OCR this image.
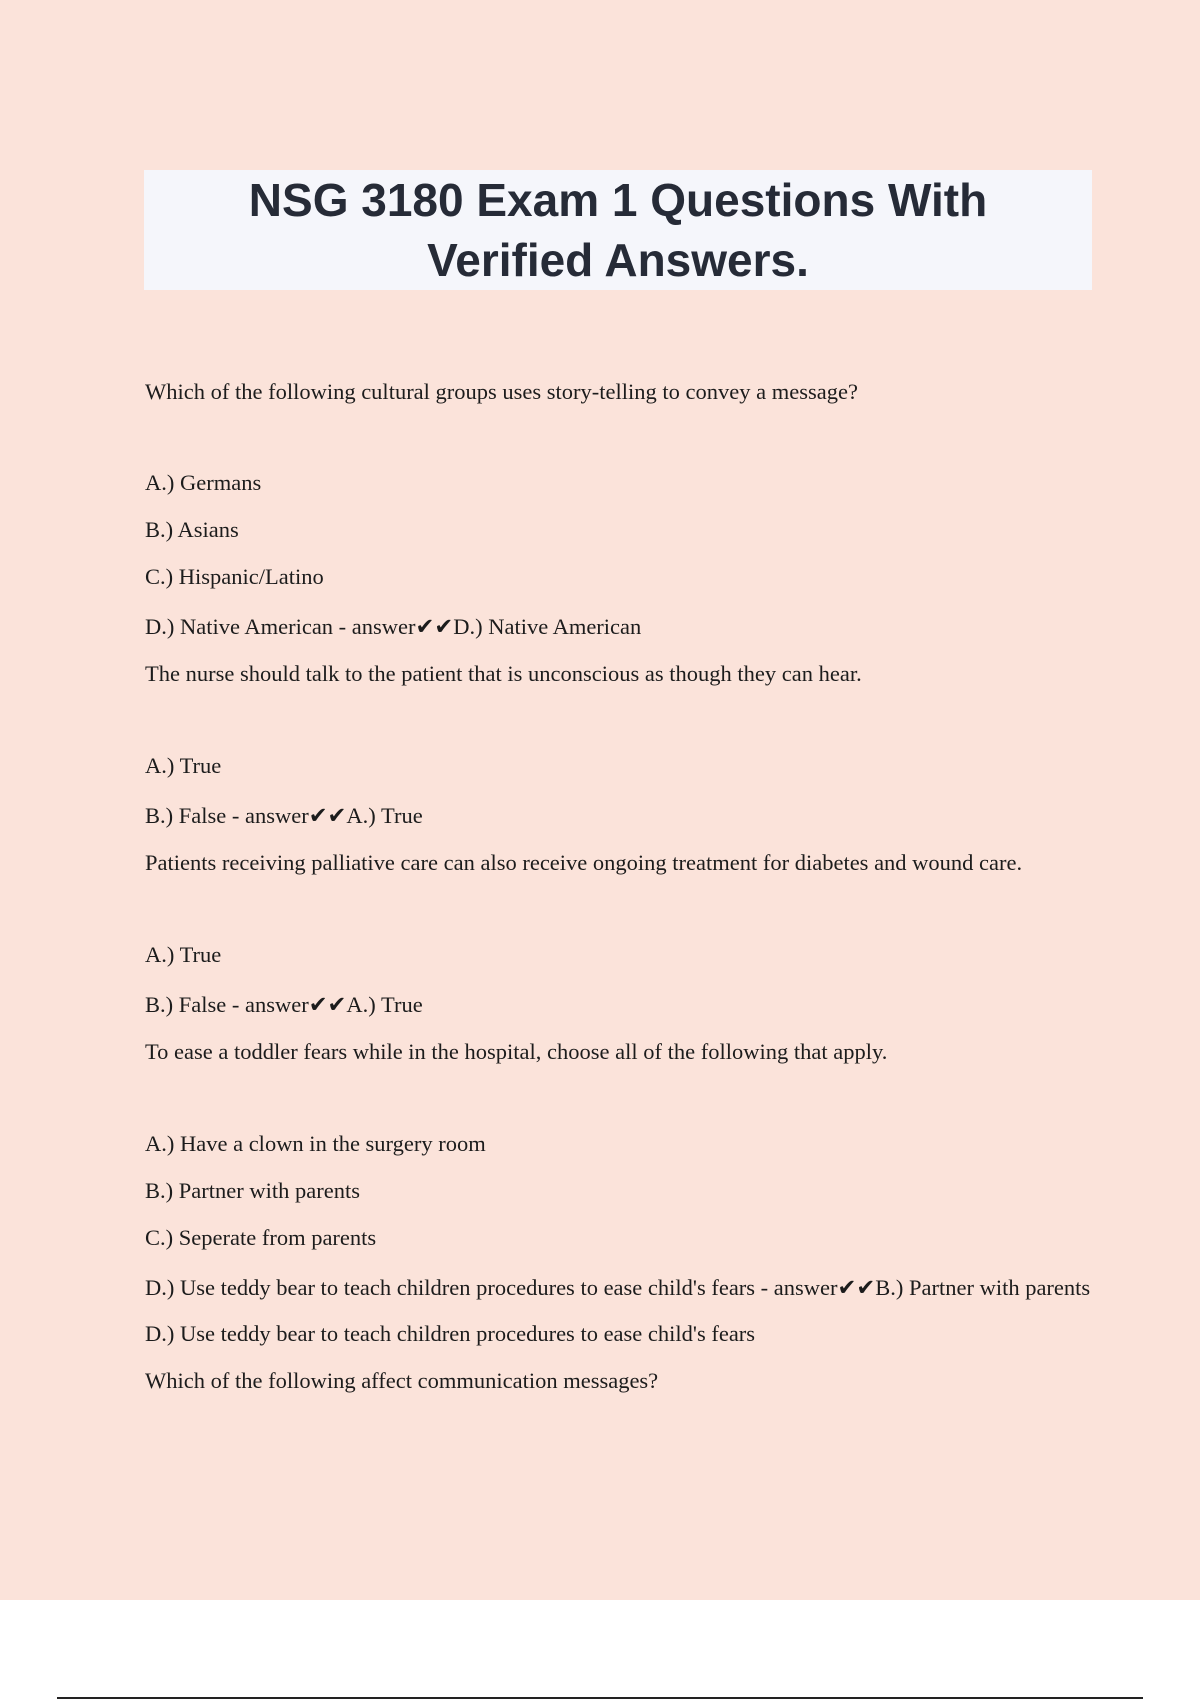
NSG 3180 Exam 1 Questions With
Verified Answers.

Which of the following cultural groups uses story-telling to convey a message?

A.) Germans

B.) Asians

C.) Hispanic/Latino

D.) Native American - answer✔✔D.) Native American

The nurse should talk to the patient that is unconscious as though they can hear.

A.) True

B.) False - answer✔✔A.) True

Patients receiving palliative care can also receive ongoing treatment for diabetes and wound care.

A.) True

B.) False - answer✔✔A.) True

To ease a toddler fears while in the hospital, choose all of the following that apply.

A.) Have a clown in the surgery room

B.) Partner with parents

C.) Seperate from parents

D.) Use teddy bear to teach children procedures to ease child's fears - answer✔✔B.) Partner with parents

D.) Use teddy bear to teach children procedures to ease child's fears

Which of the following affect communication messages?
